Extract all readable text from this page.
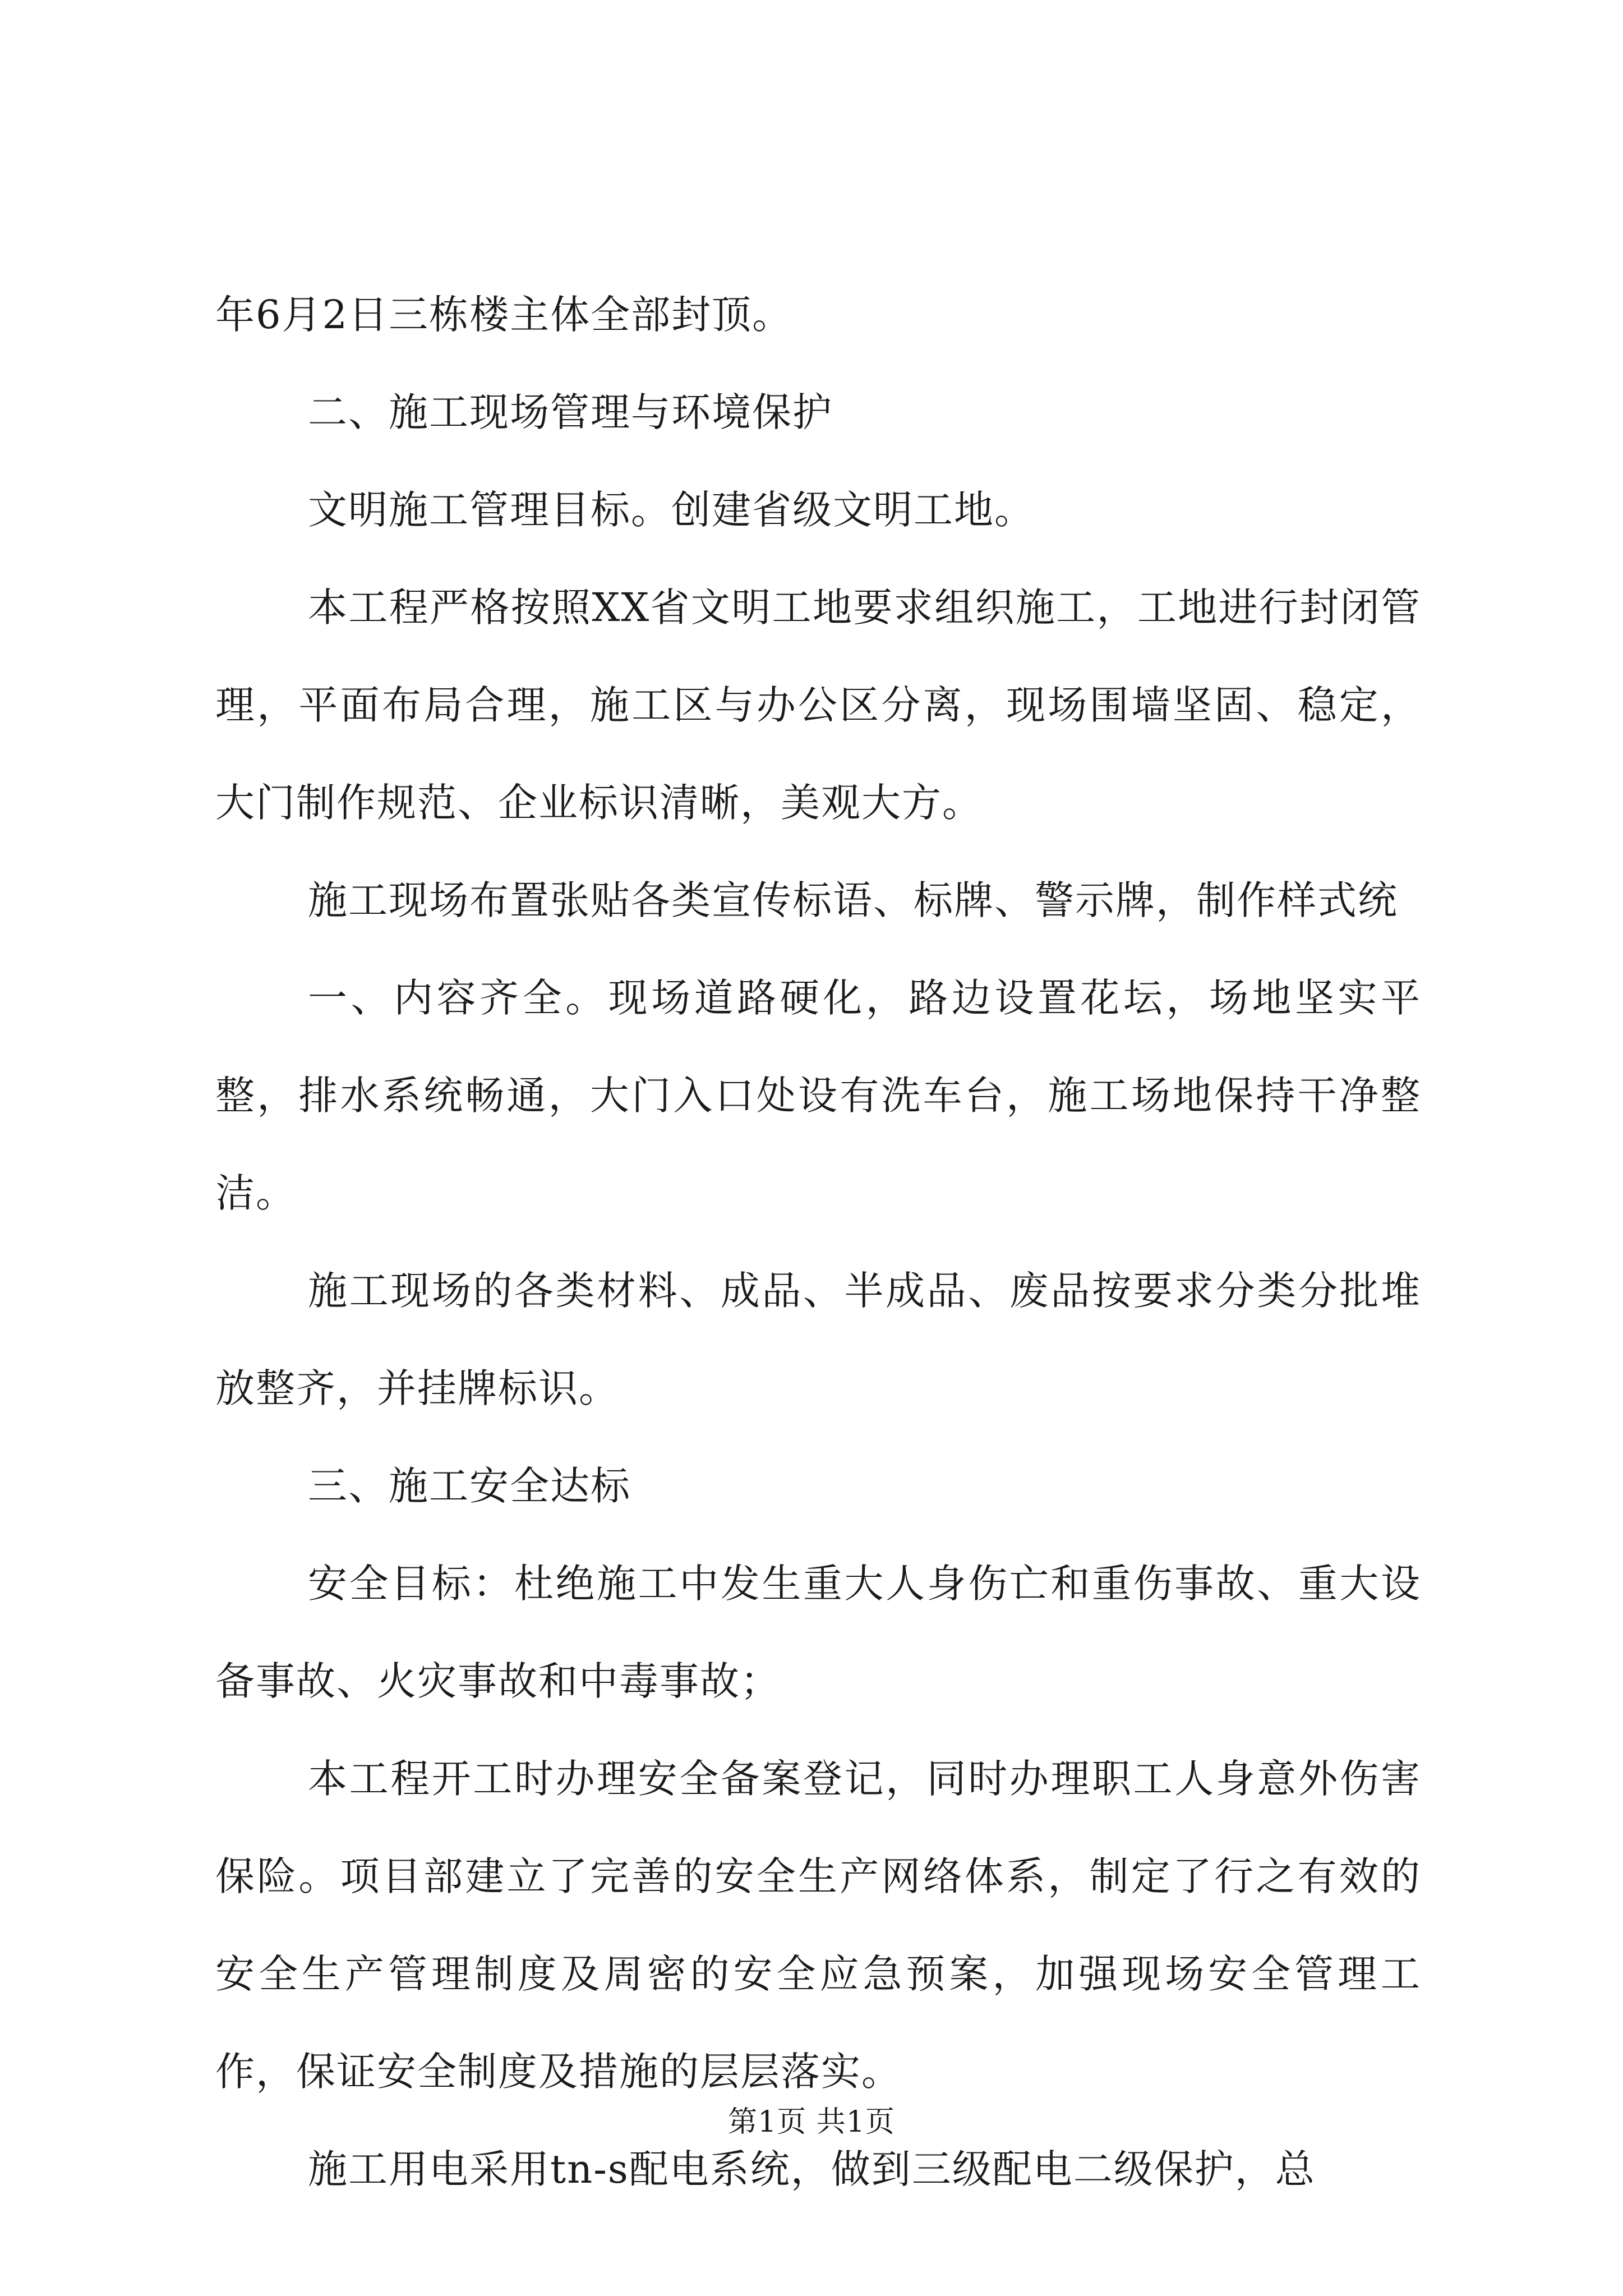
年6月2日三栋楼主体全部封顶。

二、施工现场管理与环境保护

文明施工管理目标。创建省级文明工地。

本工程严格按照XX省文明工地要求组织施工，工地进行封闭管理，平面布局合理，施工区与办公区分离，现场围墙坚固、稳定，大门制作规范、企业标识清晰，美观大方。

施工现场布置张贴各类宣传标语、标牌、警示牌，制作样式统

一、内容齐全。现场道路硬化，路边设置花坛，场地坚实平整，排水系统畅通，大门入口处设有洗车台，施工场地保持干净整洁。

施工现场的各类材料、成品、半成品、废品按要求分类分批堆放整齐，并挂牌标识。

三、施工安全达标

安全目标：杜绝施工中发生重大人身伤亡和重伤事故、重大设备事故、火灾事故和中毒事故；

本工程开工时办理安全备案登记，同时办理职工人身意外伤害保险。项目部建立了完善的安全生产网络体系，制定了行之有效的安全生产管理制度及周密的安全应急预案，加强现场安全管理工作，保证安全制度及措施的层层落实。

施工用电采用tn-s配电系统，做到三级配电二级保护，总

第1页 共1页
